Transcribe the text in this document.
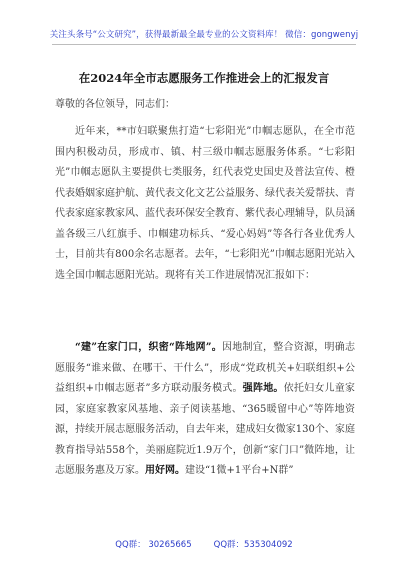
关注头条号“公文研究”，获得最新最全最专业的公文资料库！ 微信：gongwenyj
在2024年全市志愿服务工作推进会上的汇报发言
尊敬的各位领导，同志们：
近年来，**市妇联聚焦打造“七彩阳光”巾帼志愿队，在全市范围内积极动员，形成市、镇、村三级巾帼志愿服务体系。“七彩阳光”巾帼志愿队主要提供七类服务，红代表党史国史及普法宣传、橙代表婚姻家庭护航、黄代表文化文艺公益服务、绿代表关爱帮扶、青代表家庭家教家风、蓝代表环保安全教育、紫代表心理辅导，队员涵盖各级三八红旗手、巾帼建功标兵、“爱心妈妈”等各行各业优秀人士，目前共有800余名志愿者。去年，“七彩阳光”巾帼志愿阳光站入选全国巾帼志愿阳光站。现将有关工作进展情况汇报如下：
“建”在家门口，织密“阵地网”。因地制宜，整合资源，明确志愿服务“谁来做、在哪干、干什么”，形成“党政机关+妇联组织+公益组织+巾帼志愿者”多方联动服务模式。强阵地。依托妇女儿童家园，家庭家教家风基地、亲子阅读基地、“365暖留中心”等阵地资源，持续开展志愿服务活动，自去年来，建成妇女微家130个、家庭教育指导站558个，美丽庭院近1.9万个，创新“家门口”微阵地，让志愿服务惠及万家。用好网。建设“1微+1平台+N群”
QQ群： 30265665	QQ群：535304092
